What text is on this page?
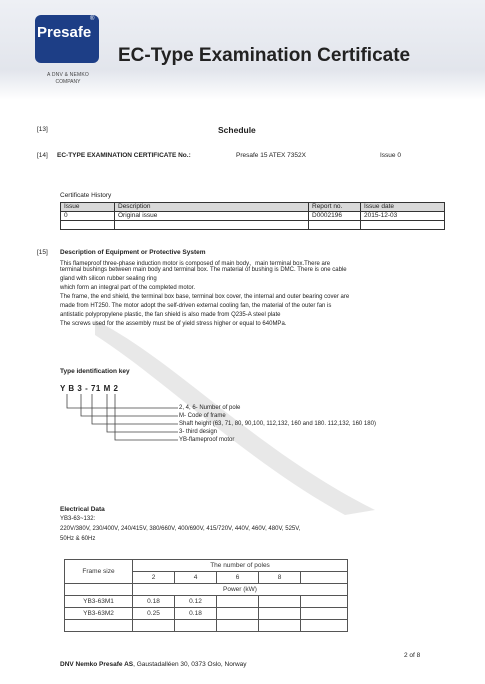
Presafe
®
A DNV & NEMKO
COMPANY
EC-Type Examination Certificate
[13]	Schedule
[14] EC-TYPE EXAMINATION CERTIFICATE No.:	Presafe 15 ATEX 7352X	Issue 0
Certificate History
Issue	Description	Report no.	Issue date
0	Original issue	D0002196	2015-12-03

[15] Description of Equipment or Protective System
This flameproof three-phase induction motor is composed of main body、main terminal box.There are
terminal bushings between main body and terminal box. The material of bushing is DMC. There is one cable
gland with silicon rubber sealing ring
which form an integral part of the completed motor.
The frame, the end shield, the terminal box base, terminal box cover, the internal and outer bearing cover are
made from HT250. The motor adopt the self-driven external cooling fan, the material of the outer fan is
antistatic polypropylene plastic, the fan shield is also made from Q235-A steel plate
The screws used for the assembly must be of yield stress higher or equal to 640MPa.
Type identification key
Y B 3 - 71 M 2
2, 4, 6- Number of pole
M- Code of frame
Shaft height (63, 71, 80, 90,100, 112,132, 160 and 180. 112,132, 160 180)
3- third design
YB-flameproof motor
Electrical Data
YB3-63~132:
220V/380V, 230/400V, 240/415V, 380/660V, 400/690V, 415/720V, 440V, 460V, 480V, 525V,
50Hz & 60Hz
Frame size	The number of poles				
	2	4	6	8	
	Power (kW)				
YB3-63M1	0.18	0.12			
YB3-63M2	0.25	0.18			

2 of 8
DNV Nemko Presafe AS, Gaustadalléen 30, 0373 Oslo, Norway
